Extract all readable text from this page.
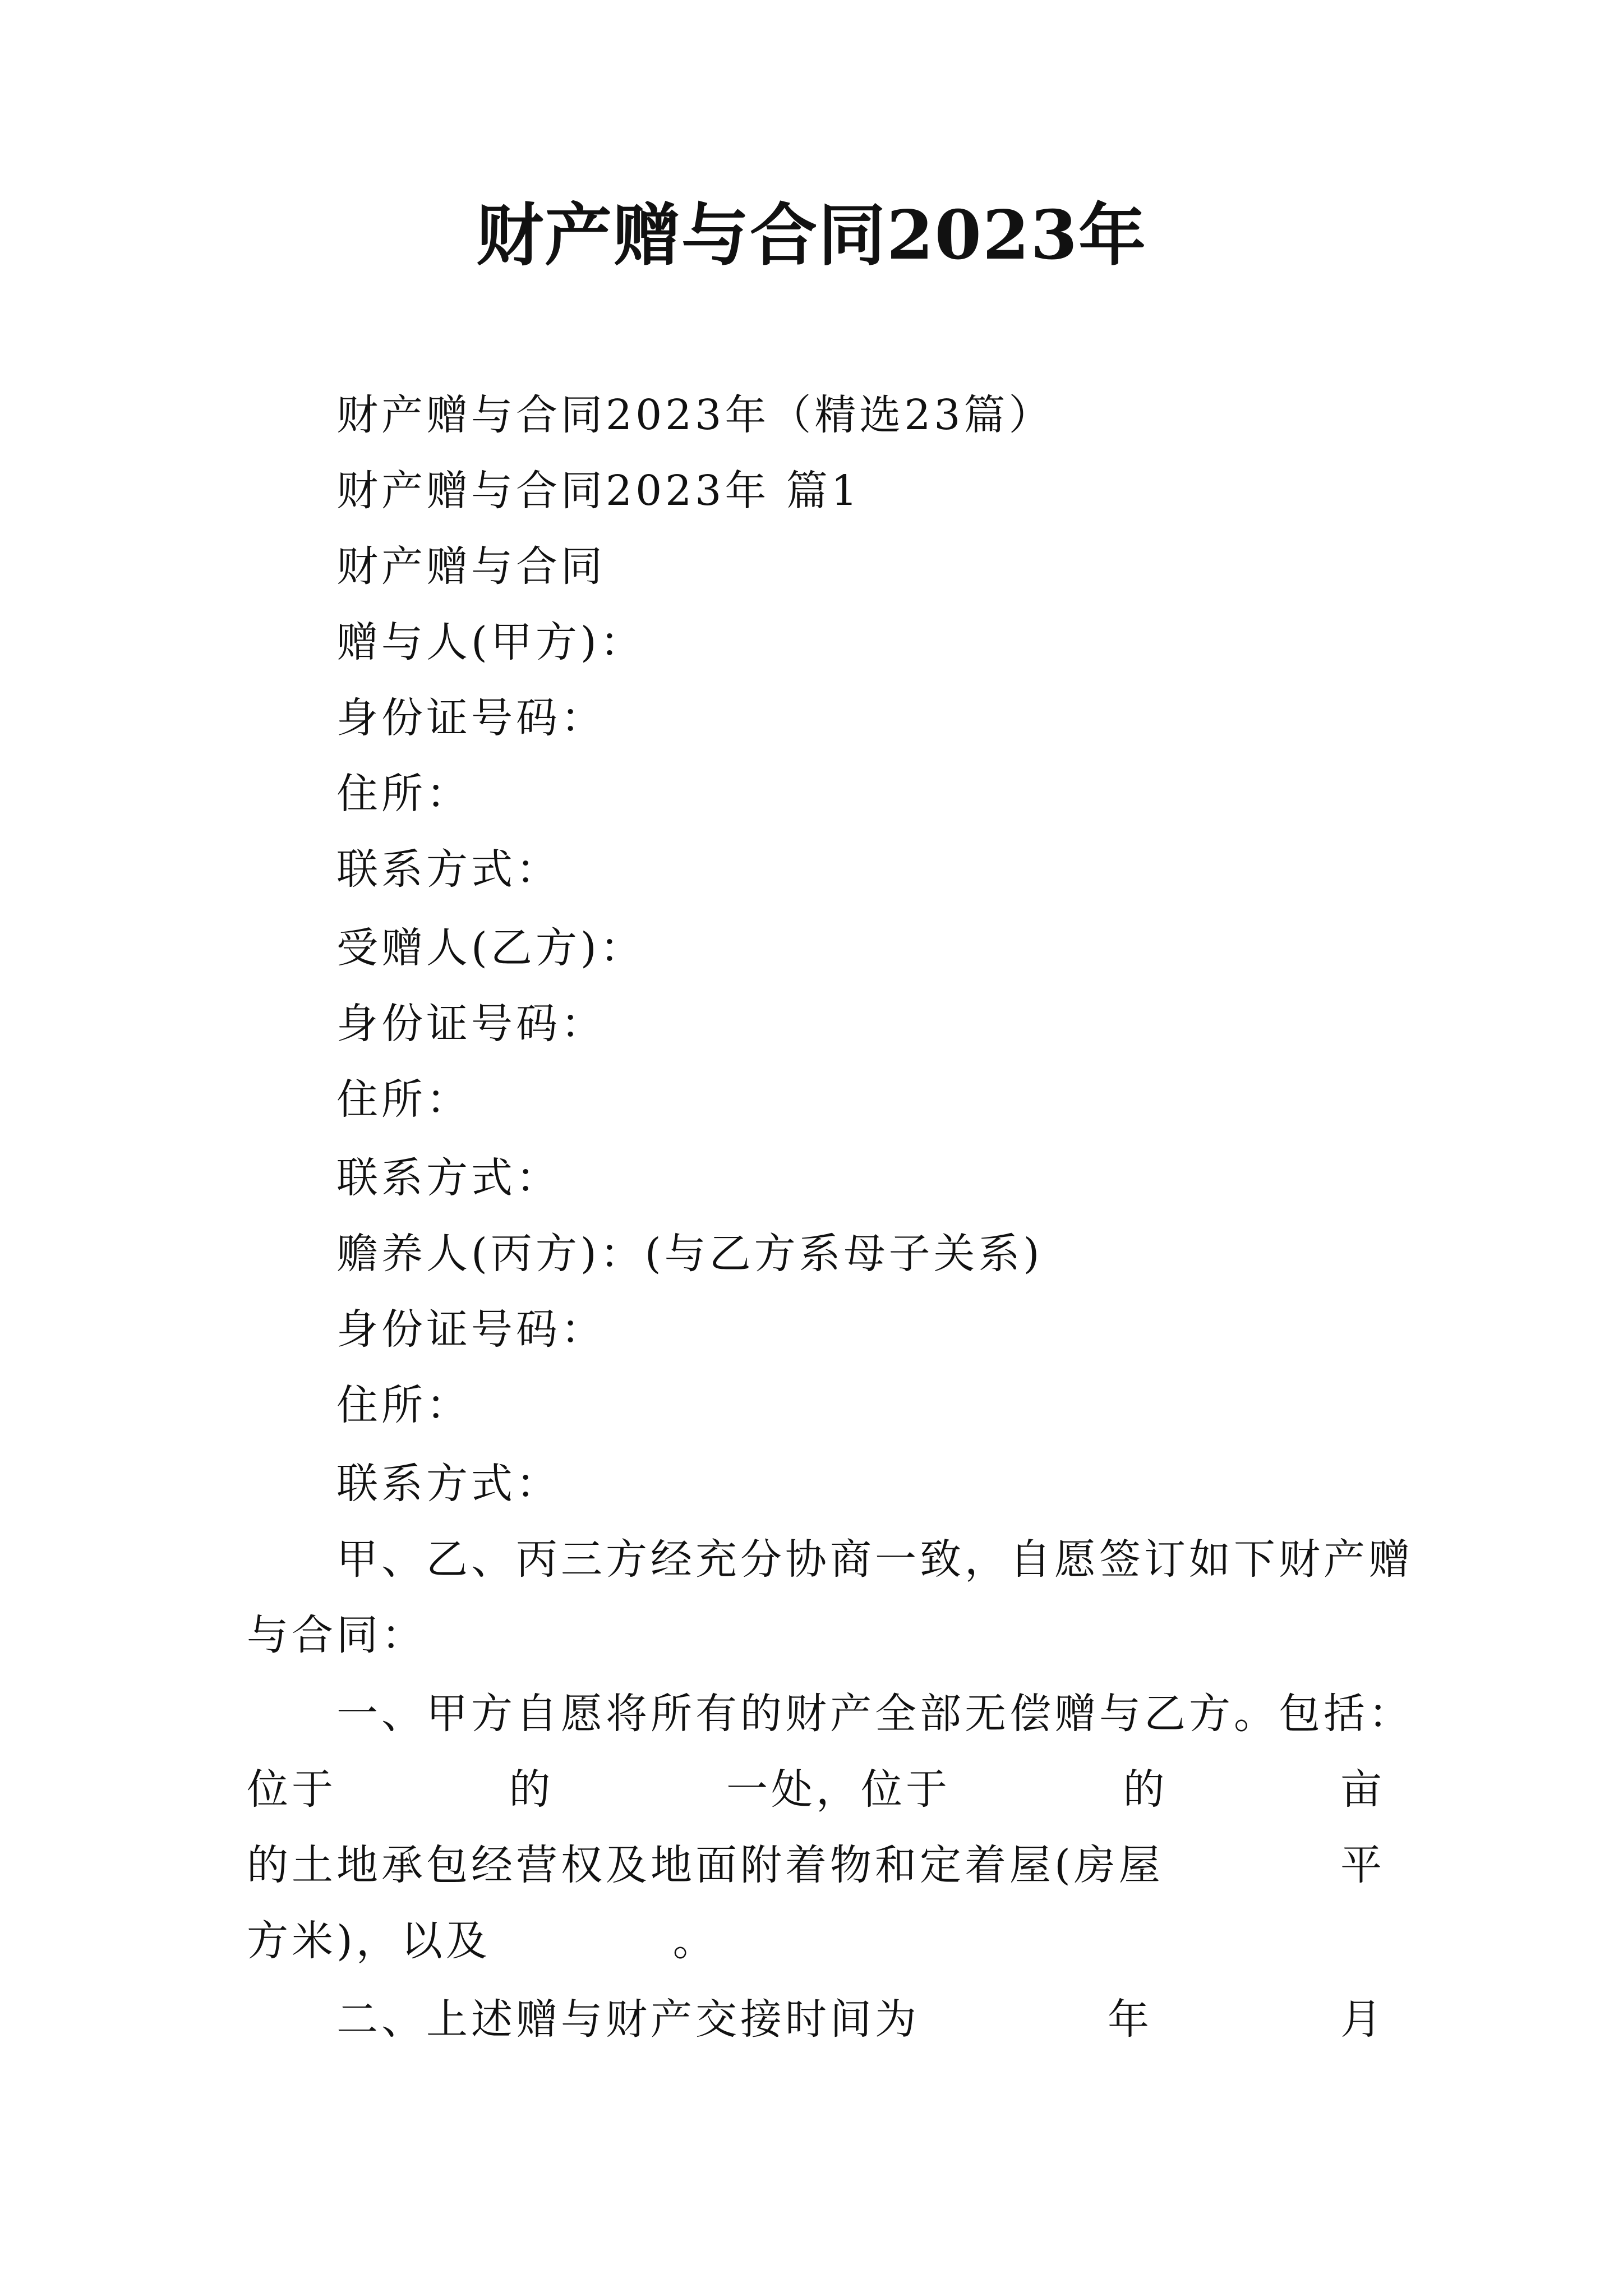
财产赠与合同2023年
财产赠与合同2023年（精选23篇）
财产赠与合同2023年 篇1
财产赠与合同
赠与人(甲方)：
身份证号码：
住所：
联系方式：
受赠人(乙方)：
身份证号码：
住所：
联系方式：
赡养人(丙方)：(与乙方系母子关系)
身份证号码：
住所：
联系方式：
甲、乙、丙三方经充分协商一致，自愿签订如下财产赠
与合同：
一、甲方自愿将所有的财产全部无偿赠与乙方。包括：
位于	的	一处，位于	的	亩
的土地承包经营权及地面附着物和定着屋(房屋	平
方米)，以及           。
二、上述赠与财产交接时间为	年	月
